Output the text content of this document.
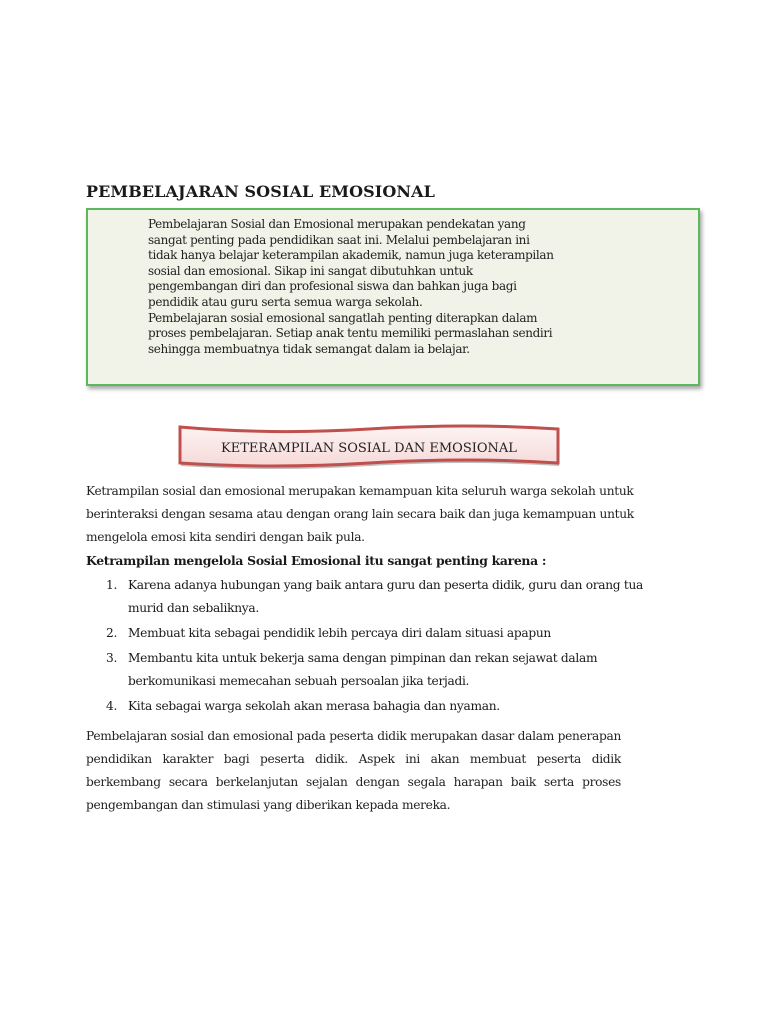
PEMBELAJARAN SOSIAL EMOSIONAL
Pembelajaran Sosial dan Emosional merupakan pendekatan yang
sangat penting pada pendidikan saat ini. Melalui pembelajaran ini
tidak hanya belajar keterampilan akademik, namun juga keterampilan
sosial dan emosional. Sikap ini sangat dibutuhkan untuk
pengembangan diri dan profesional siswa dan bahkan juga bagi
pendidik atau guru serta semua warga sekolah.
Pembelajaran sosial emosional sangatlah penting diterapkan dalam
proses pembelajaran. Setiap anak tentu memiliki permaslahan sendiri
sehingga membuatnya tidak semangat dalam ia belajar.
KETERAMPILAN SOSIAL DAN EMOSIONAL
Ketrampilan sosial dan emosional merupakan kemampuan kita seluruh warga sekolah untuk
berinteraksi dengan sesama atau dengan orang lain secara baik dan juga kemampuan untuk
mengelola emosi kita sendiri dengan baik pula.
Ketrampilan mengelola Sosial Emosional itu sangat penting karena :
1. Karena adanya hubungan yang baik antara guru dan peserta didik, guru dan orang tua
murid dan sebaliknya.
2. Membuat kita sebagai pendidik lebih percaya diri dalam situasi apapun
3. Membantu kita untuk bekerja sama dengan pimpinan dan rekan sejawat dalam
berkomunikasi memecahan sebuah persoalan jika terjadi.
4. Kita sebagai warga sekolah akan merasa bahagia dan nyaman.
Pembelajaran sosial dan emosional pada peserta didik merupakan dasar dalam penerapan
pendidikan karakter bagi peserta didik. Aspek ini akan membuat peserta didik
berkembang secara berkelanjutan sejalan dengan segala harapan baik serta proses
pengembangan dan stimulasi yang diberikan kepada mereka.
